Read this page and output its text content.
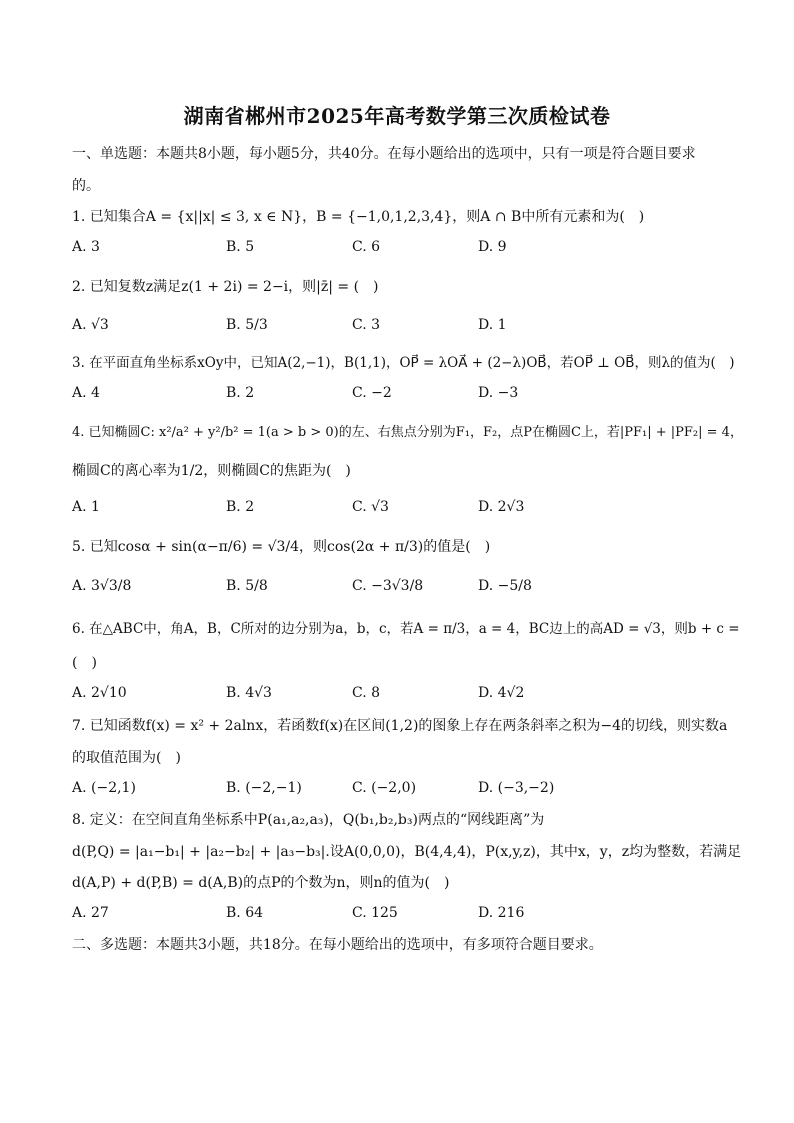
湖南省郴州市2025年高考数学第三次质检试卷
一、单选题：本题共8小题，每小题5分，共40分。在每小题给出的选项中，只有一项是符合题目要求
的。
1. 已知集合A = {x||x| ≤ 3, x ∈ N}，B = {−1,0,1,2,3,4}，则A ∩ B中所有元素和为(　)
A. 3	B. 5	C. 6	D. 9
2. 已知复数z满足z(1 + 2i) = 2−i，则|z̄| = (　)
A. √3	B. 5/3	C. 3	D. 1
3. 在平面直角坐标系xOy中，已知A(2,−1)，B(1,1)，OP⃗ = λOA⃗ + (2−λ)OB⃗，若OP⃗ ⊥ OB⃗，则λ的值为(　)
A. 4	B. 2	C. −2	D. −3
4. 已知椭圆C: x²/a² + y²/b² = 1(a > b > 0)的左、右焦点分别为F₁，F₂，点P在椭圆C上，若|PF₁| + |PF₂| = 4，
椭圆C的离心率为1/2，则椭圆C的焦距为(　)
A. 1	B. 2	C. √3	D. 2√3
5. 已知cosα + sin(α−π/6) = √3/4，则cos(2α + π/3)的值是(　)
A. 3√3/8	B. 5/8	C. −3√3/8	D. −5/8
6. 在△ABC中，角A，B，C所对的边分别为a，b，c，若A = π/3，a = 4，BC边上的高AD = √3，则b + c =
(　)
A. 2√10	B. 4√3	C. 8	D. 4√2
7. 已知函数f(x) = x² + 2alnx，若函数f(x)在区间(1,2)的图象上存在两条斜率之积为−4的切线，则实数a
的取值范围为(　)
A. (−2,1)	B. (−2,−1)	C. (−2,0)	D. (−3,−2)
8. 定义：在空间直角坐标系中P(a₁,a₂,a₃)，Q(b₁,b₂,b₃)两点的“网线距离”为
d(P,Q) = |a₁−b₁| + |a₂−b₂| + |a₃−b₃|.设A(0,0,0)，B(4,4,4)，P(x,y,z)，其中x，y，z均为整数，若满足
d(A,P) + d(P,B) = d(A,B)的点P的个数为n，则n的值为(　)
A. 27	B. 64	C. 125	D. 216
二、多选题：本题共3小题，共18分。在每小题给出的选项中，有多项符合题目要求。
